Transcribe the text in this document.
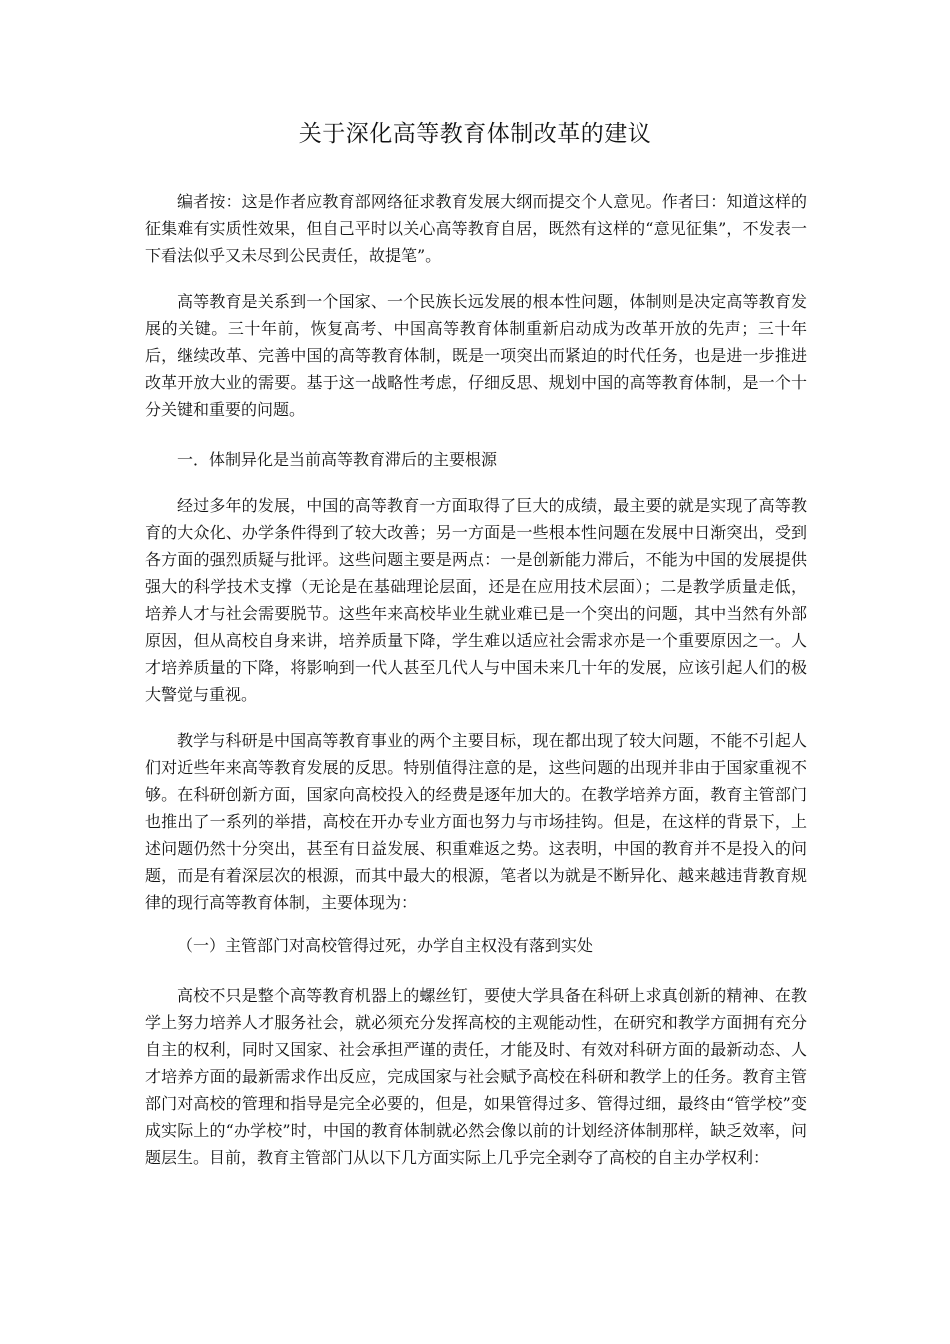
关于深化高等教育体制改革的建议

编者按：这是作者应教育部网络征求教育发展大纲而提交个人意见。作者曰：知道这样的征集难有实质性效果，但自己平时以关心高等教育自居，既然有这样的“意见征集”，不发表一下看法似乎又未尽到公民责任，故提笔”。

高等教育是关系到一个国家、一个民族长远发展的根本性问题，体制则是决定高等教育发展的关键。三十年前，恢复高考、中国高等教育体制重新启动成为改革开放的先声；三十年后，继续改革、完善中国的高等教育体制，既是一项突出而紧迫的时代任务，也是进一步推进改革开放大业的需要。基于这一战略性考虑，仔细反思、规划中国的高等教育体制，是一个十分关键和重要的问题。

一．体制异化是当前高等教育滞后的主要根源

经过多年的发展，中国的高等教育一方面取得了巨大的成绩，最主要的就是实现了高等教育的大众化、办学条件得到了较大改善；另一方面是一些根本性问题在发展中日渐突出，受到各方面的强烈质疑与批评。这些问题主要是两点：一是创新能力滞后，不能为中国的发展提供强大的科学技术支撑（无论是在基础理论层面，还是在应用技术层面）；二是教学质量走低，培养人才与社会需要脱节。这些年来高校毕业生就业难已是一个突出的问题，其中当然有外部原因，但从高校自身来讲，培养质量下降，学生难以适应社会需求亦是一个重要原因之一。人才培养质量的下降，将影响到一代人甚至几代人与中国未来几十年的发展，应该引起人们的极大警觉与重视。

教学与科研是中国高等教育事业的两个主要目标，现在都出现了较大问题，不能不引起人们对近些年来高等教育发展的反思。特别值得注意的是，这些问题的出现并非由于国家重视不够。在科研创新方面，国家向高校投入的经费是逐年加大的。在教学培养方面，教育主管部门也推出了一系列的举措，高校在开办专业方面也努力与市场挂钩。但是，在这样的背景下，上述问题仍然十分突出，甚至有日益发展、积重难返之势。这表明，中国的教育并不是投入的问题，而是有着深层次的根源，而其中最大的根源，笔者以为就是不断异化、越来越违背教育规律的现行高等教育体制，主要体现为：

（一）主管部门对高校管得过死，办学自主权没有落到实处

高校不只是整个高等教育机器上的螺丝钉，要使大学具备在科研上求真创新的精神、在教学上努力培养人才服务社会，就必须充分发挥高校的主观能动性，在研究和教学方面拥有充分自主的权利，同时又国家、社会承担严谨的责任，才能及时、有效对科研方面的最新动态、人才培养方面的最新需求作出反应，完成国家与社会赋予高校在科研和教学上的任务。教育主管部门对高校的管理和指导是完全必要的，但是，如果管得过多、管得过细，最终由“管学校”变成实际上的“办学校”时，中国的教育体制就必然会像以前的计划经济体制那样，缺乏效率，问题层生。目前，教育主管部门从以下几方面实际上几乎完全剥夺了高校的自主办学权利：
